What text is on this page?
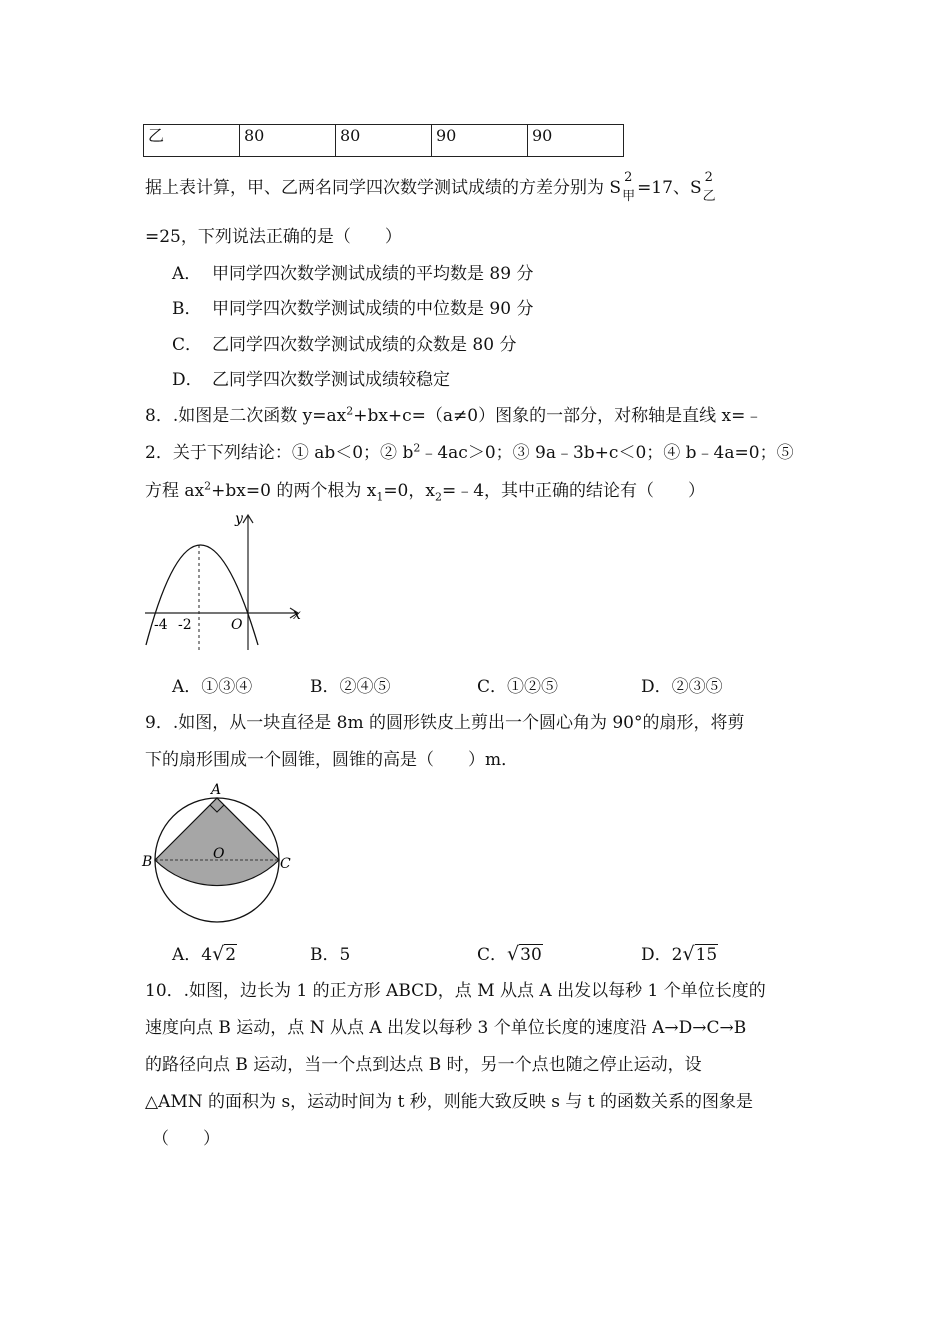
乙	80	80	90	90
据上表计算，甲、乙两名同学四次数学测试成绩的方差分别为 S
2
甲 =17、S
2
乙
=25，下列说法正确的是（　　）
A． 甲同学四次数学测试成绩的平均数是 89 分
B． 甲同学四次数学测试成绩的中位数是 90 分
C． 乙同学四次数学测试成绩的众数是 80 分
D． 乙同学四次数学测试成绩较稳定
8．.如图是二次函数 $y=ax^2+bx+c=(a\ne 0)$图象的一部分，对称轴是直线 x=﹣
2．关于下列结论：① ab＜0；② $b^2﹣4ac>0$；③ 9a﹣3b+c＜0；④ b﹣4a=0；⑤
方程 $ax^2+bx=0$ 的两个根为 $x_1=0$，$x_2=﹣4$，其中正确的结论有（　　）
y
x
O
-4 -2
A．①③④	B．②④⑤	C．①②⑤	D．②③⑤
9．.如图，从一块直径是 8m 的圆形铁皮上剪出一个圆心角为 90°的扇形，将剪
下的扇形围成一个圆锥，圆锥的高是（　　）m．
A
B	C
O
A．4√2	B．5	C．√30	D．2√15
10．.如图，边长为 1 的正方形 ABCD，点 M 从点 A 出发以每秒 1 个单位长度的
速度向点 B 运动，点 N 从点 A 出发以每秒 3 个单位长度的速度沿 A→D→C→B
的路径向点 B 运动，当一个点到达点 B 时，另一个点也随之停止运动，设
△AMN 的面积为 s，运动时间为 t 秒，则能大致反映 s 与 t 的函数关系的图象是
（　　）
